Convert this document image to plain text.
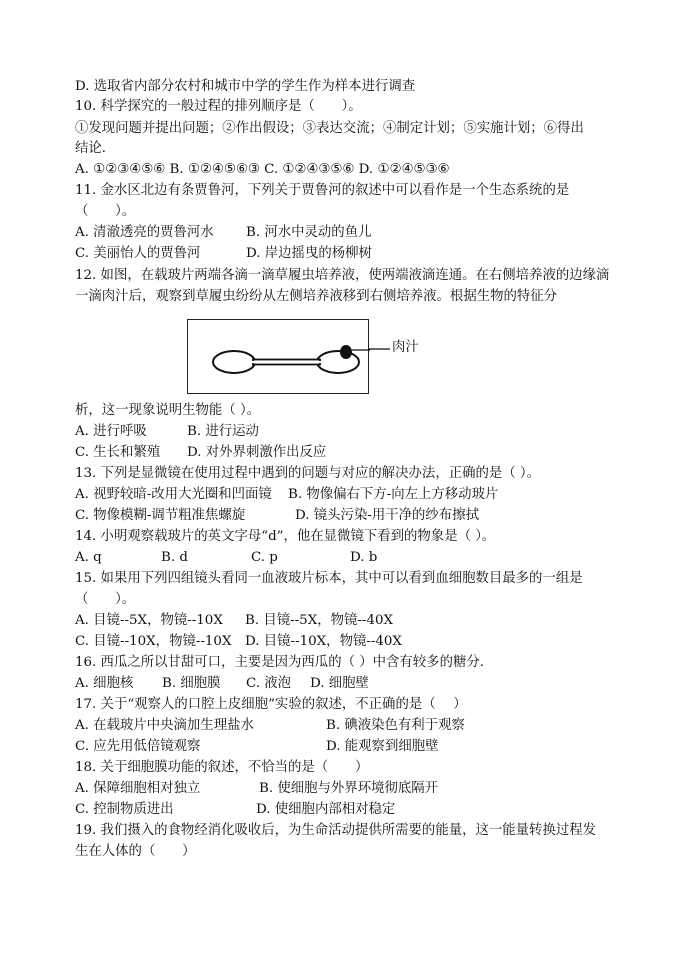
D. 选取省内部分农村和城市中学的学生作为样本进行调查
10. 科学探究的一般过程的排列顺序是（　　）。
①发现问题并提出问题；②作出假设；③表达交流；④制定计划；⑤实施计划；⑥得出
结论．
A. ①②③④⑤⑥ B. ①②④⑤⑥③ C. ①②④③⑤⑥ D. ①②④⑤③⑥
11. 金水区北边有条贾鲁河，下列关于贾鲁河的叙述中可以看作是一个生态系统的是
（　　）。
A. 清澈透亮的贾鲁河水 B. 河水中灵动的鱼儿
C. 美丽怡人的贾鲁河	D. 岸边摇曳的杨柳树
12. 如图，在载玻片两端各滴一滴草履虫培养液，使两端液滴连通。在右侧培养液的边缘滴
一滴肉汁后，观察到草履虫纷纷从左侧培养液移到右侧培养液。根据生物的特征分
肉汁
析，这一现象说明生物能（ ）。
A. 进行呼吸	B. 进行运动
C. 生长和繁殖 D. 对外界刺激作出反应
13. 下列是显微镜在使用过程中遇到的问题与对应的解决办法，正确的是（ ）。
A. 视野较暗-改用大光圈和凹面镜 B. 物像偏右下方-向左上方移动玻片
C. 物像模糊-调节粗准焦螺旋	D. 镜头污染-用干净的纱布擦拭
14. 小明观察载玻片的英文字母“d”，他在显微镜下看到的物象是（ ）。
A. q	B. d	C. p	D. b
15. 如果用下列四组镜头看同一血液玻片标本，其中可以看到血细胞数目最多的一组是
（　　）。
A. 目镜--5X，物镜--10X B. 目镜--5X，物镜--40X
C. 目镜--10X，物镜--10X D. 目镜--10X，物镜--40X
16. 西瓜之所以甘甜可口，主要是因为西瓜的（ ）中含有较多的糖分．
A. 细胞核 B. 细胞膜 C. 液泡 D. 细胞壁
17. 关于“观察人的口腔上皮细胞”实验的叙述，不正确的是（　 ）
A. 在载玻片中央滴加生理盐水	B. 碘液染色有利于观察
C. 应先用低倍镜观察	D. 能观察到细胞壁
18. 关于细胞膜功能的叙述，不恰当的是（　　）
A. 保障细胞相对独立	B. 使细胞与外界环境彻底隔开
C. 控制物质进出	D. 使细胞内部相对稳定
19. 我们摄入的食物经消化吸收后，为生命活动提供所需要的能量，这一能量转换过程发
生在人体的（　　）
